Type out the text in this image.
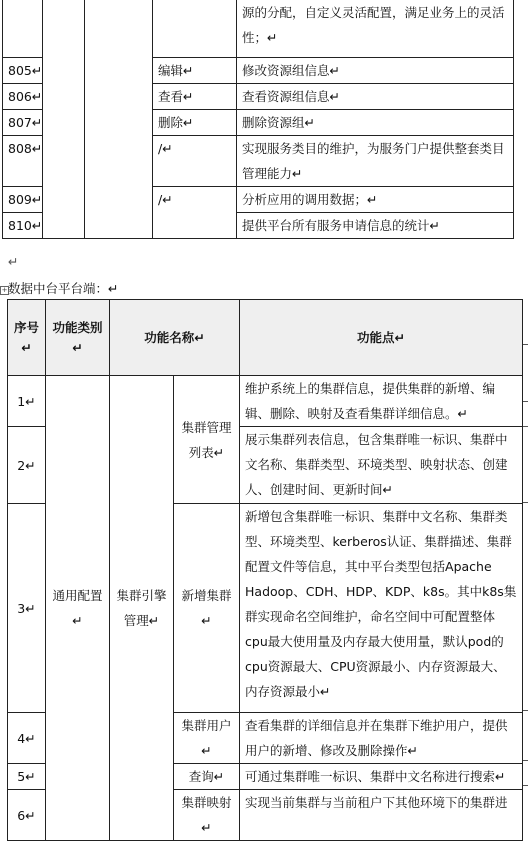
				源的分配，自定义灵活配置，满足业务上的灵活性；↵
805↵			编辑↵	修改资源组信息↵
806↵			查看↵	查看资源组信息↵
807↵			删除↵	删除资源组↵
808↵			/↵	实现服务类目的维护，为服务门户提供整套类目管理能力↵
809↵			/↵	分析应用的调用数据；↵
810↵				提供平台所有服务申请信息的统计↵
↵
+ 数据中台平台端：↵
序号↵	功能类别↵	功能名称↵		功能点↵
1↵	通用配置↵	集群引擎管理↵	集群管理列表↵	维护系统上的集群信息，提供集群的新增、编辑、删除、映射及查看集群详细信息。↵
2↵				展示集群列表信息，包含集群唯一标识、集群中文名称、集群类型、环境类型、映射状态、创建人、创建时间、更新时间↵
3↵			新增集群↵	新增包含集群唯一标识、集群中文名称、集群类型、环境类型、kerberos认证、集群描述、集群配置文件等信息，其中平台类型包括Apache Hadoop、CDH、HDP、KDP、k8s。其中k8s集群实现命名空间维护，命名空间中可配置整体cpu最大使用量及内存最大使用量，默认pod的cpu资源最大、CPU资源最小、内存资源最大、内存资源最小↵
4↵			集群用户↵	查看集群的详细信息并在集群下维护用户，提供用户的新增、修改及删除操作↵
5↵			查询↵	可通过集群唯一标识、集群中文名称进行搜索↵
6↵			集群映射↵	实现当前集群与当前租户下其他环境下的集群进
